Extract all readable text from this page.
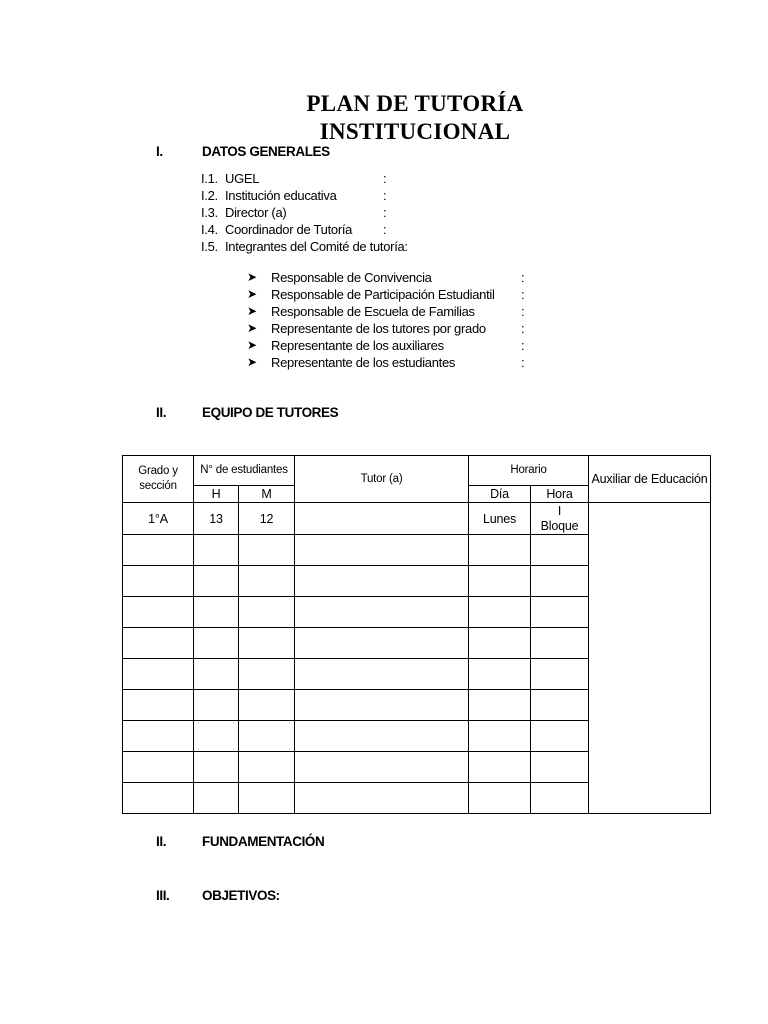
PLAN DE TUTORÍA INSTITUCIONAL
I.	DATOS GENERALES
I.1. UGEL	:
I.2. Institución educativa	:
I.3. Director (a)	:
I.4. Coordinador de Tutoría	:
I.5. Integrantes del Comité de tutoría:
➤	Responsable de Convivencia	:
➤	Responsable de Participación Estudiantil	:
➤	Responsable de Escuela de Familias	:
➤	Representante de los tutores por grado	:
➤	Representante de los auxiliares	:
➤	Representante de los estudiantes	:
II.	EQUIPO DE TUTORES
Grado y sección	N° de estudiantes		Tutor (a)	Horario		Auxiliar de Educación
	H	M		Día	Hora	
1°A	13	12		Lunes	I
Bloque	

II.	FUNDAMENTACIÓN
III. OBJETIVOS:
